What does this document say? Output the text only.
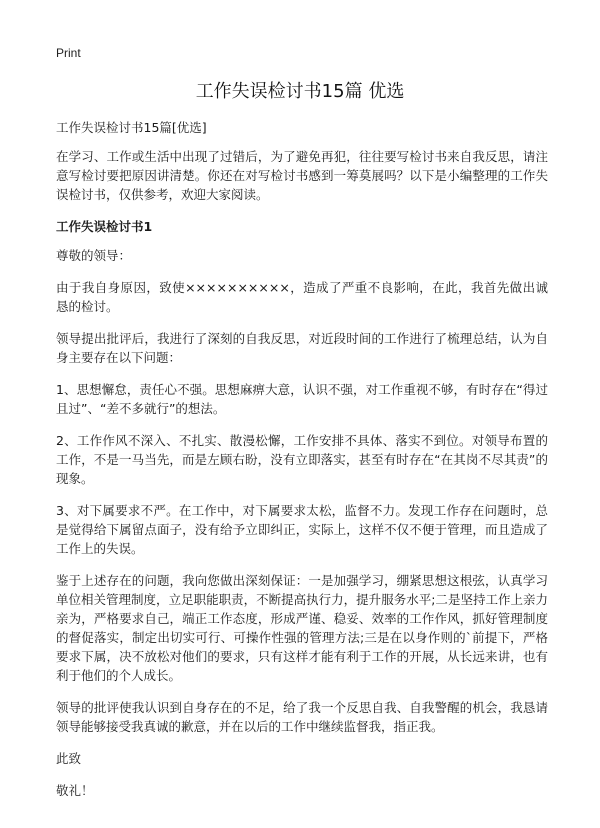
Print
工作失误检讨书15篇 优选
工作失误检讨书15篇[优选]
在学习、工作或生活中出现了过错后，为了避免再犯，往往要写检讨书来自我反思，请注意写检讨要把原因讲清楚。你还在对写检讨书感到一筹莫展吗？以下是小编整理的工作失误检讨书，仅供参考，欢迎大家阅读。
工作失误检讨书1
尊敬的领导：
由于我自身原因，致使××××××××××，造成了严重不良影响，在此，我首先做出诚恳的检讨。
领导提出批评后，我进行了深刻的自我反思，对近段时间的工作进行了梳理总结，认为自身主要存在以下问题：
1、思想懈怠，责任心不强。思想麻痹大意，认识不强，对工作重视不够，有时存在“得过且过”、“差不多就行”的想法。
2、工作作风不深入、不扎实、散漫松懈，工作安排不具体、落实不到位。对领导布置的工作，不是一马当先，而是左顾右盼，没有立即落实，甚至有时存在“在其岗不尽其责”的现象。
3、对下属要求不严。在工作中，对下属要求太松，监督不力。发现工作存在问题时，总是觉得给下属留点面子，没有给予立即纠正，实际上，这样不仅不便于管理，而且造成了工作上的失误。
鉴于上述存在的问题，我向您做出深刻保证：一是加强学习，绷紧思想这根弦，认真学习单位相关管理制度，立足职能职责，不断提高执行力，提升服务水平;二是坚持工作上亲力亲为，严格要求自己，端正工作态度，形成严谨、稳妥、效率的工作作风，抓好管理制度的督促落实，制定出切实可行、可操作性强的管理方法;三是在以身作则的`前提下，严格要求下属，决不放松对他们的要求，只有这样才能有利于工作的开展，从长远来讲，也有利于他们的个人成长。
领导的批评使我认识到自身存在的不足，给了我一个反思自我、自我警醒的机会，我恳请领导能够接受我真诚的歉意，并在以后的工作中继续监督我，指正我。
此致
敬礼！
